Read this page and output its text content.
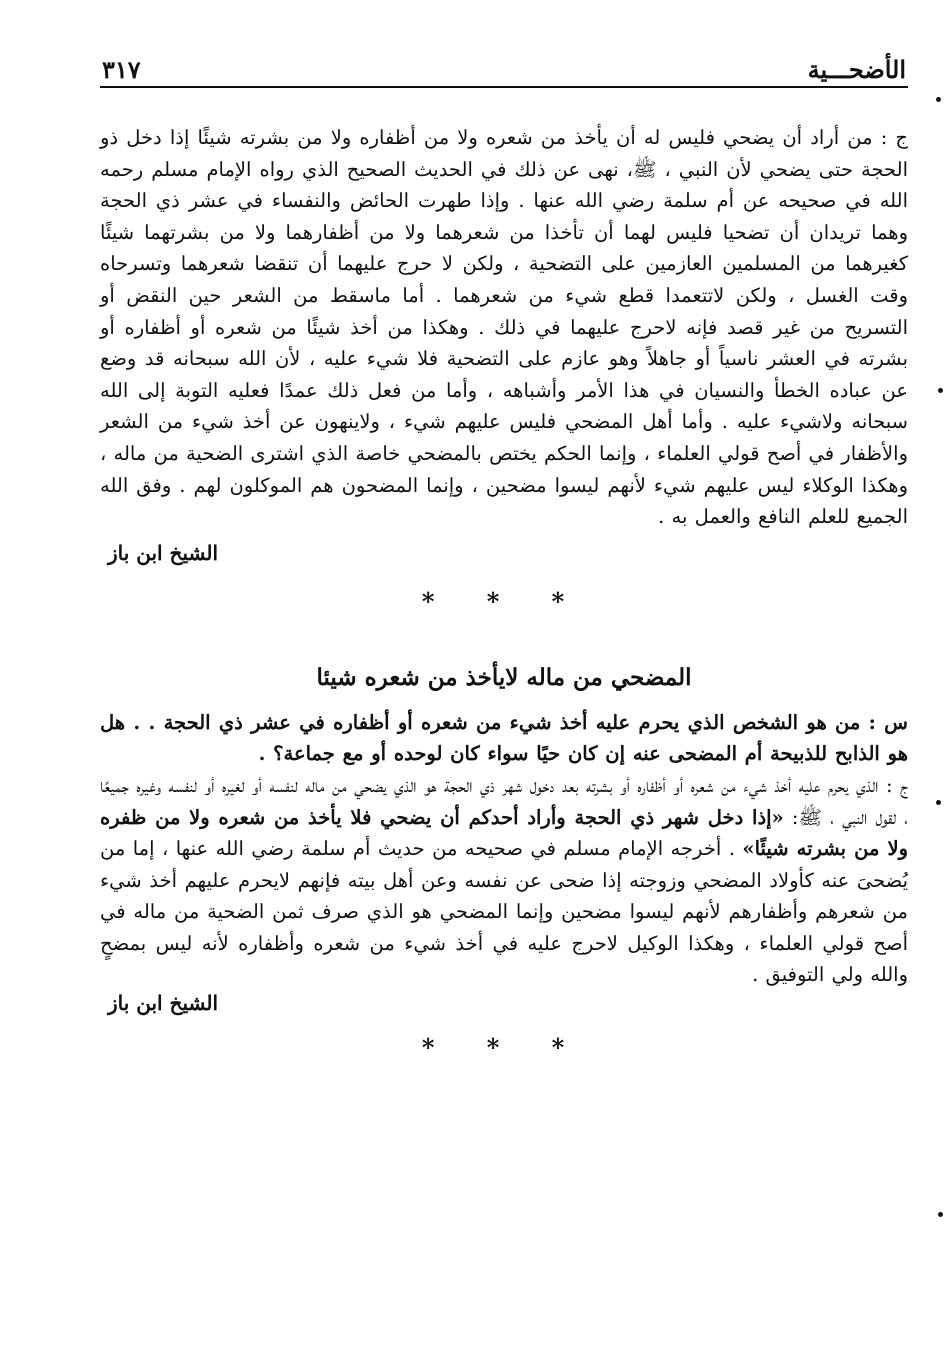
الأضحـــية
٣١٧

ج : من أراد أن يضحي فليس له أن يأخذ من شعره ولا من أظفاره ولا من بشرته شيئًا إذا دخل ذو الحجة حتى يضحي لأن النبي ، ﷺ، نهى عن ذلك في الحديث الصحيح الذي رواه الإمام مسلم رحمه الله في صحيحه عن أم سلمة رضي الله عنها . وإذا طهرت الحائض والنفساء في عشر ذي الحجة وهما تريدان أن تضحيا فليس لهما أن تأخذا من شعرهما ولا من أظفارهما ولا من بشرتهما شيئًا كغيرهما من المسلمين العازمين على التضحية ، ولكن لا حرج عليهما أن تنقضا شعرهما وتسرحاه وقت الغسل ، ولكن لاتتعمدا قطع شيء من شعرهما . أما ماسقط من الشعر حين النقض أو التسريح من غير قصد فإنه لاحرج عليهما في ذلك . وهكذا من أخذ شيئًا من شعره أو أظفاره أو بشرته في العشر ناسياً أو جاهلاً وهو عازم على التضحية فلا شيء عليه ، لأن الله سبحانه قد وضع عن عباده الخطأ والنسيان في هذا الأمر وأشباهه ، وأما من فعل ذلك عمدًا فعليه التوبة إلى الله سبحانه ولاشيء عليه . وأما أهل المضحي فليس عليهم شيء ، ولاينهون عن أخذ شيء من الشعر والأظفار في أصح قولي العلماء ، وإنما الحكم يختص بالمضحي خاصة الذي اشترى الضحية من ماله ، وهكذا الوكلاء ليس عليهم شيء لأنهم ليسوا مضحين ، وإنما المضحون هم الموكلون لهم . وفق الله الجميع للعلم النافع والعمل به .

الشيخ ابن باز
* * *
المضحي من ماله لايأخذ من شعره شيئا

س : من هو الشخص الذي يحرم عليه أخذ شيء من شعره أو أظفاره في عشر ذي الحجة . . هل هو الذابح للذبيحة أم المضحى عنه إن كان حيًا سواء كان لوحده أو مع جماعة؟ .

ج : الذي يحرم عليه أخذ شيء من شعره أو أظفاره أو بشرته بعد دخول شهر ذي الحجة هو الذي يضحي من ماله لنفسه أو لغيره أو لنفسه وغيره جميعًا ، لقول النبي ، ﷺ: «إذا دخل شهر ذي الحجة وأراد أحدكم أن يضحي فلا يأخذ من شعره ولا من ظفره ولا من بشرته شيئًا» . أخرجه الإمام مسلم في صحيحه من حديث أم سلمة رضي الله عنها ، إما من يُضحىَ عنه كأولاد المضحي وزوجته إذا ضحى عن نفسه وعن أهل بيته فإنهم لايحرم عليهم أخذ شيء من شعرهم وأظفارهم لأنهم ليسوا مضحين وإنما المضحي هو الذي صرف ثمن الضحية من ماله في أصح قولي العلماء ، وهكذا الوكيل لاحرج عليه في أخذ شيء من شعره وأظفاره لأنه ليس بمضحٍ والله ولي التوفيق .

الشيخ ابن باز
* * *
